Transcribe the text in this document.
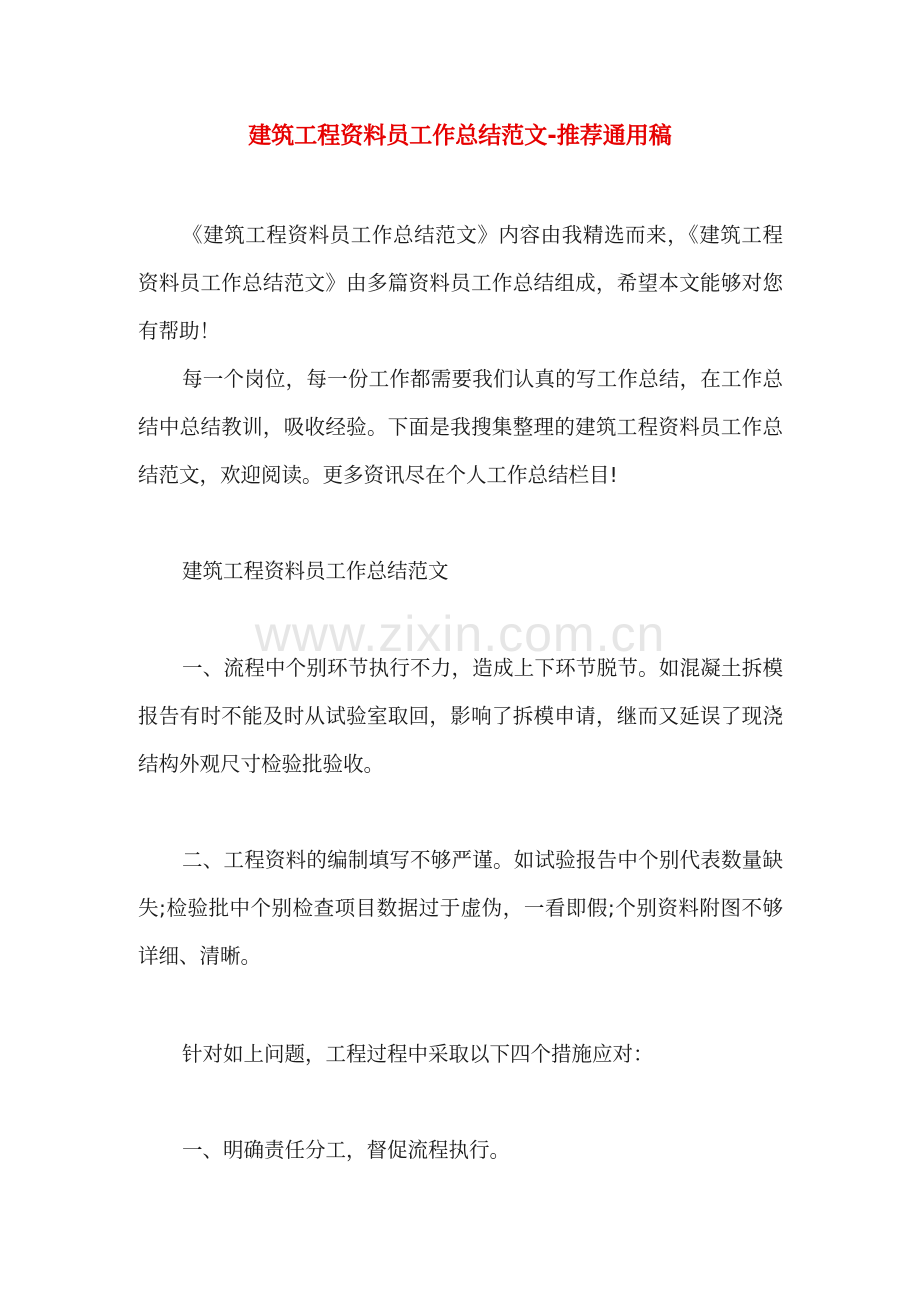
建筑工程资料员工作总结范文-推荐通用稿

《建筑工程资料员工作总结范文》内容由我精选而来，《建筑工程资料员工作总结范文》由多篇资料员工作总结组成，希望本文能够对您有帮助！

每一个岗位，每一份工作都需要我们认真的写工作总结，在工作总结中总结教训，吸收经验。下面是我搜集整理的建筑工程资料员工作总结范文，欢迎阅读。更多资讯尽在个人工作总结栏目!

建筑工程资料员工作总结范文

一、流程中个别环节执行不力，造成上下环节脱节。如混凝土拆模报告有时不能及时从试验室取回，影响了拆模申请，继而又延误了现浇结构外观尺寸检验批验收。

二、工程资料的编制填写不够严谨。如试验报告中个别代表数量缺失;检验批中个别检查项目数据过于虚伪，一看即假;个别资料附图不够详细、清晰。

针对如上问题，工程过程中采取以下四个措施应对：

一、明确责任分工，督促流程执行。

www.zixin.com.cn
